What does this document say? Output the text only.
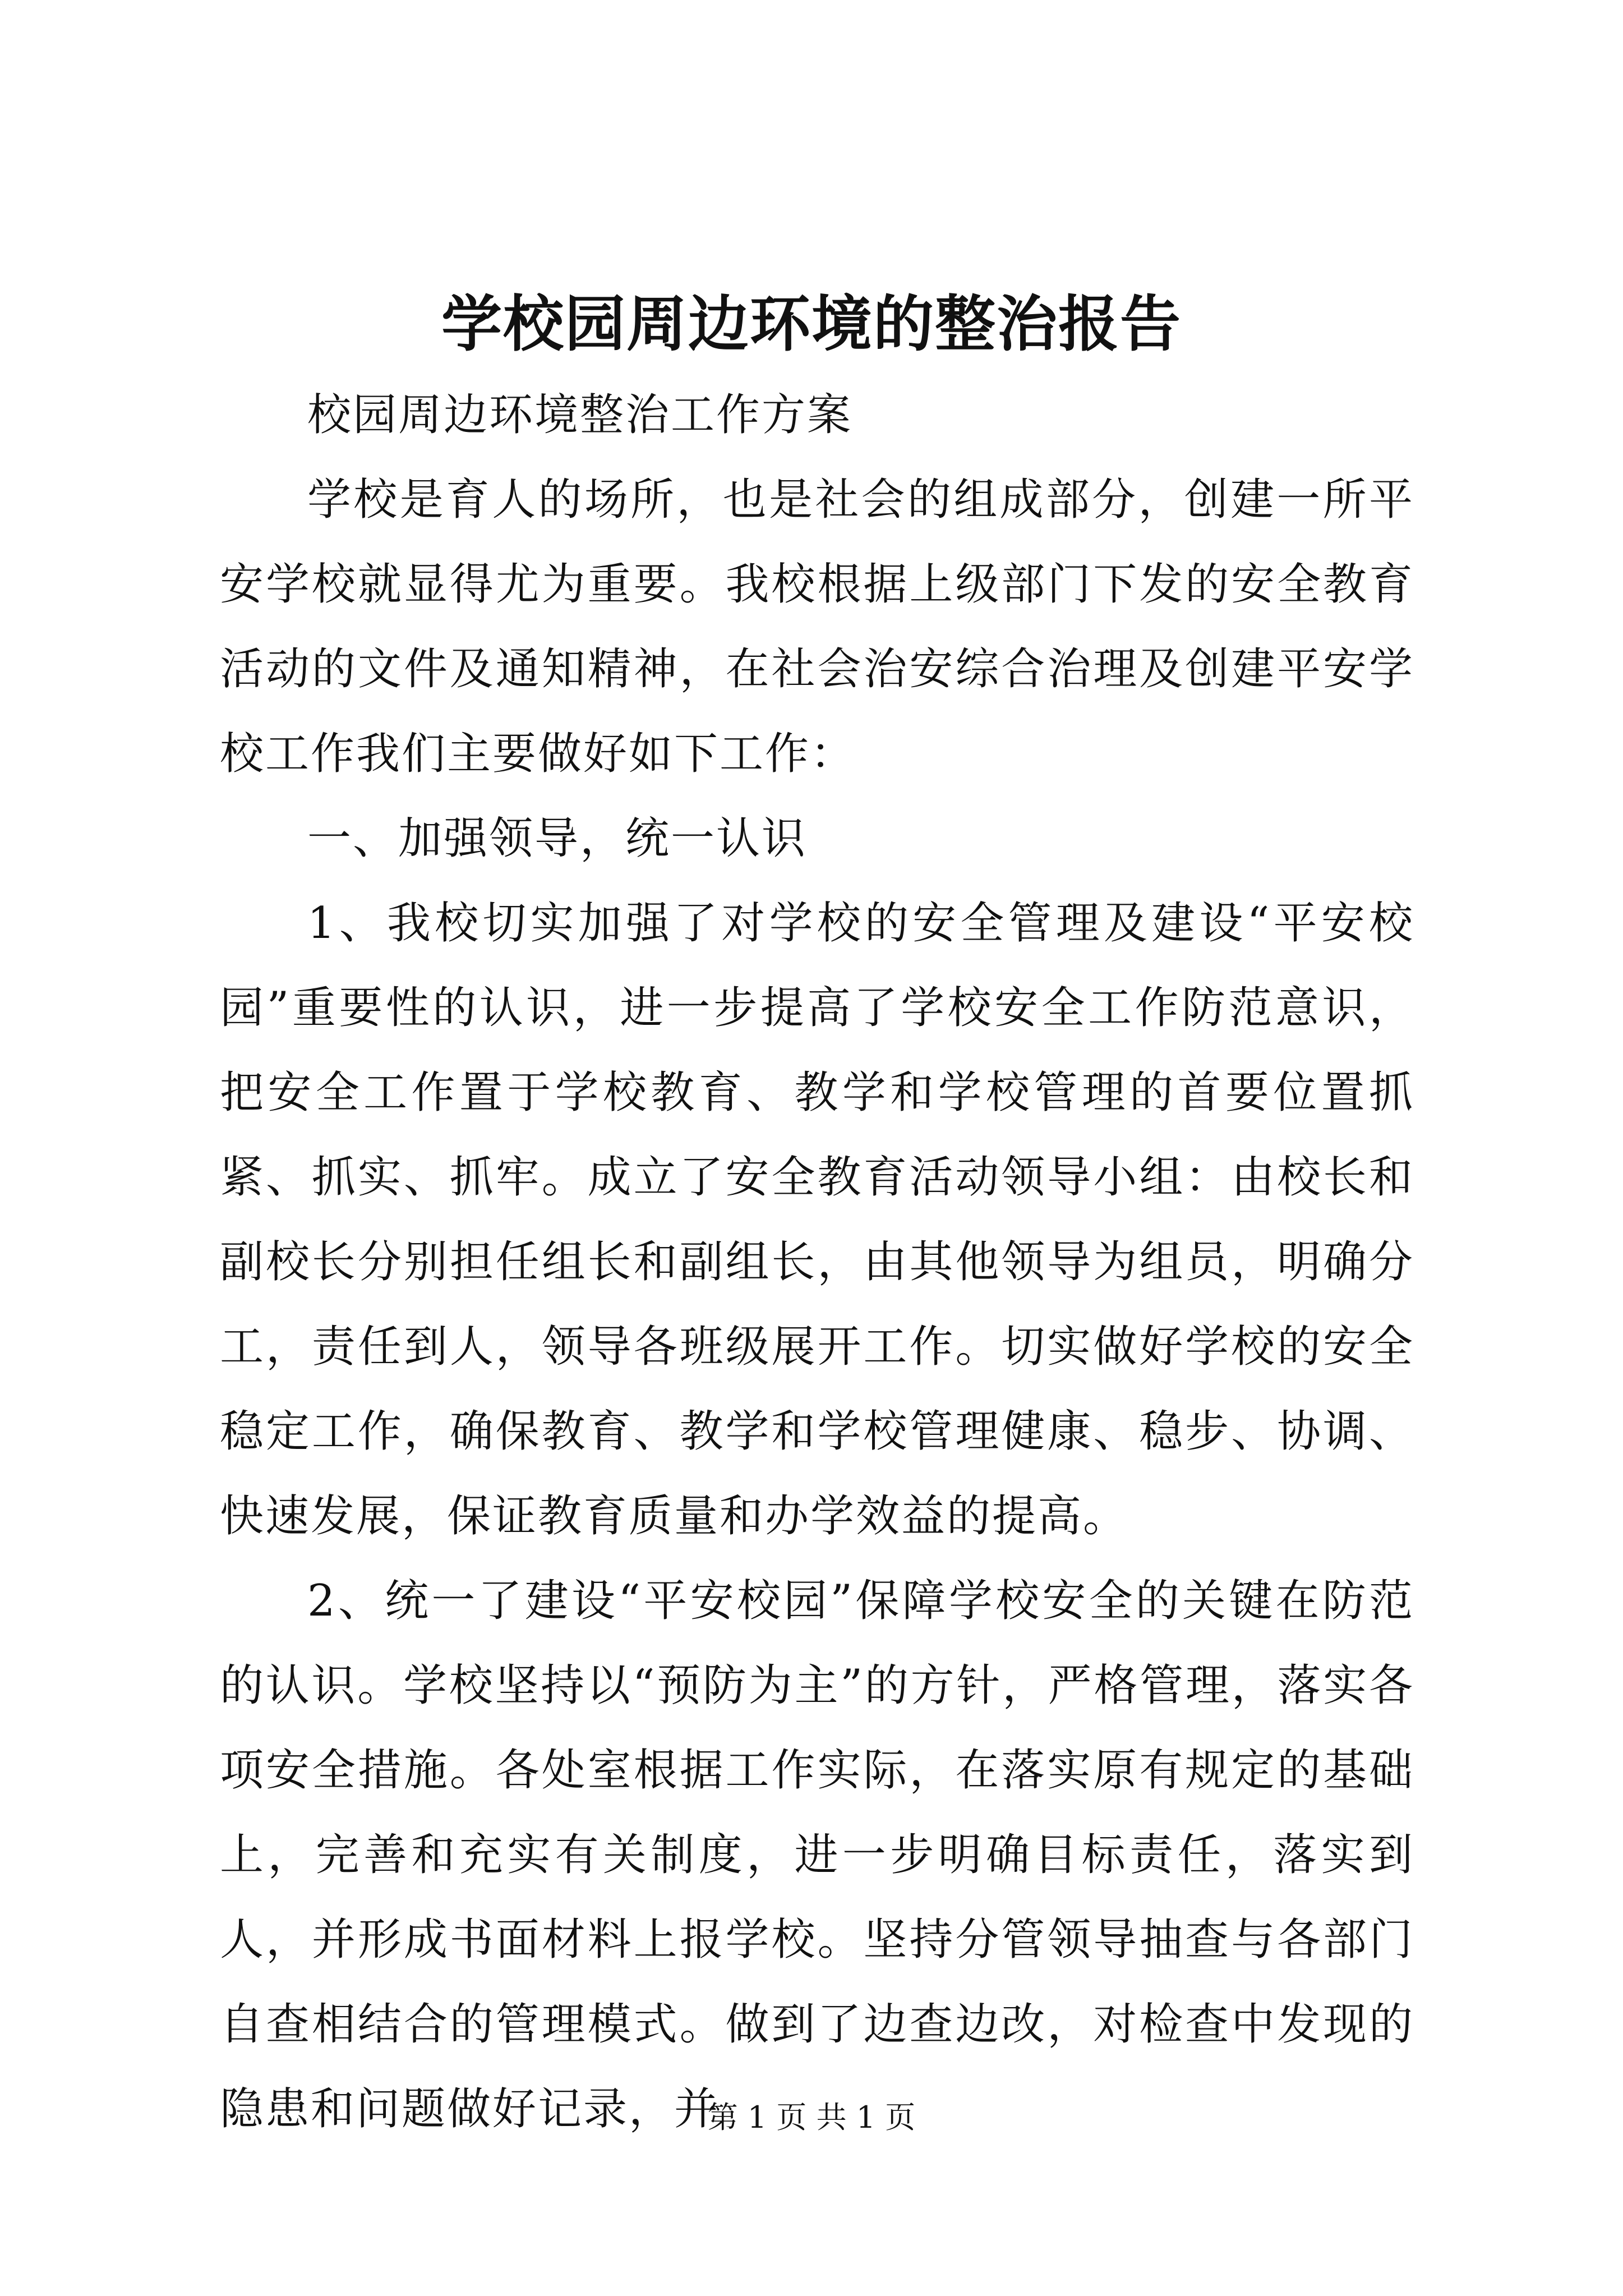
学校园周边环境的整治报告

校园周边环境整治工作方案

学校是育人的场所，也是社会的组成部分，创建一所平安学校就显得尤为重要。我校根据上级部门下发的安全教育活动的文件及通知精神，在社会治安综合治理及创建平安学校工作我们主要做好如下工作：

一、加强领导，统一认识

1、我校切实加强了对学校的安全管理及建设“平安校园”重要性的认识，进一步提高了学校安全工作防范意识，把安全工作置于学校教育、教学和学校管理的首要位置抓紧、抓实、抓牢。成立了安全教育活动领导小组：由校长和副校长分别担任组长和副组长，由其他领导为组员，明确分工，责任到人，领导各班级展开工作。切实做好学校的安全稳定工作，确保教育、教学和学校管理健康、稳步、协调、快速发展，保证教育质量和办学效益的提高。

2、统一了建设“平安校园”保障学校安全的关键在防范的认识。学校坚持以“预防为主”的方针，严格管理，落实各项安全措施。各处室根据工作实际，在落实原有规定的基础上，完善和充实有关制度，进一步明确目标责任，落实到人，并形成书面材料上报学校。坚持分管领导抽查与各部门自查相结合的管理模式。做到了边查边改，对检查中发现的隐患和问题做好记录，并

第 1 页 共 1 页
